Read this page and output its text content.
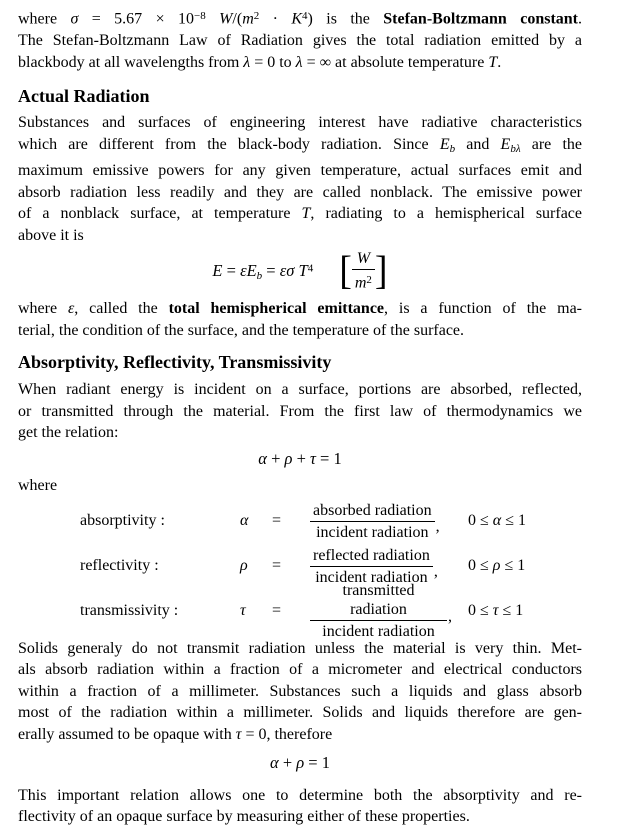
where $\sigma = 5.67 \times 10^{-8}$ $W/(m^2 \cdot K^4)$ is the Stefan-Boltzmann constant.
The Stefan-Boltzmann Law of Radiation gives the total radiation emitted by a
blackbody at all wavelengths from λ = 0 to λ = ∞ at absolute temperature T.
Actual Radiation
Substances and surfaces of engineering interest have radiative characteristics
which are different from the black-body radiation. Since Eb and Ebλ are the
maximum emissive powers for any given temperature, actual surfaces emit and
absorb radiation less readily and they are called nonblack. The emissive power
of a nonblack surface, at temperature T, radiating to a hemispherical surface
above it is
E = εEb = εσ $T^4$ [ $\frac{W}{m^2}$ ]
where ε, called the total hemispherical emittance, is a function of the ma-
terial, the condition of the surface, and the temperature of the surface.
Absorptivity, Reflectivity, Transmissivity
When radiant energy is incident on a surface, portions are absorbed, reflected,
or transmitted through the material. From the first law of thermodynamics we
get the relation:
α + ρ + τ = 1
where
absorptivity :	α	=	$\frac{\text{absorbed radiation}}{\text{incident radiation}}$ , 0 ≤ α ≤ 1
reflectivity :	ρ	=	$\frac{\text{reflected radiation}}{\text{incident radiation}}$ , 0 ≤ ρ ≤ 1
transmissivity :	τ	=	$\frac{\text{transmitted radiation}}{\text{incident radiation}}$ , 0 ≤ τ ≤ 1
Solids generaly do not transmit radiation unless the material is very thin. Met-
als absorb radiation within a fraction of a micrometer and electrical conductors
within a fraction of a millimeter. Substances such a liquids and glass absorb
most of the radiation within a millimeter. Solids and liquids therefore are gen-
erally assumed to be opaque with τ = 0, therefore
α + ρ = 1
This important relation allows one to determine both the absorptivity and re-
flectivity of an opaque surface by measuring either of these properties.
